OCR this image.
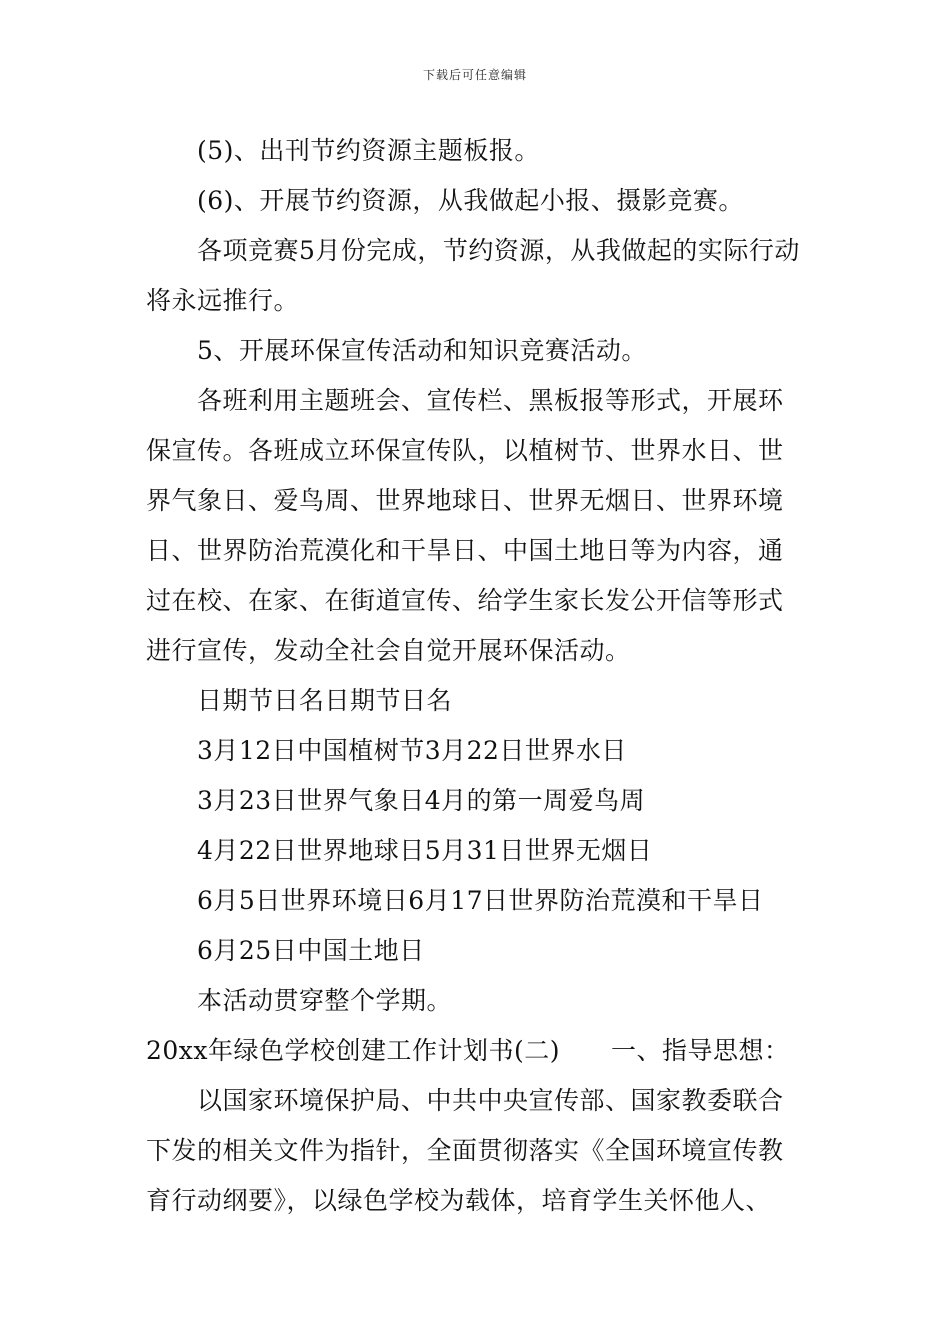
下载后可任意编辑
(5)、出刊节约资源主题板报。
(6)、开展节约资源，从我做起小报、摄影竞赛。
各项竞赛5月份完成，节约资源，从我做起的实际行动
将永远推行。
5、开展环保宣传活动和知识竞赛活动。
各班利用主题班会、宣传栏、黑板报等形式，开展环
保宣传。各班成立环保宣传队，以植树节、世界水日、世
界气象日、爱鸟周、世界地球日、世界无烟日、世界环境
日、世界防治荒漠化和干旱日、中国土地日等为内容，通
过在校、在家、在街道宣传、给学生家长发公开信等形式
进行宣传，发动全社会自觉开展环保活动。
日期节日名日期节日名
3月12日中国植树节3月22日世界水日
3月23日世界气象日4月的第一周爱鸟周
4月22日世界地球日5月31日世界无烟日
6月5日世界环境日6月17日世界防治荒漠和干旱日
6月25日中国土地日
本活动贯穿整个学期。
20xx年绿色学校创建工作计划书(二)　　一、指导思想：
以国家环境保护局、中共中央宣传部、国家教委联合
下发的相关文件为指针，全面贯彻落实《全国环境宣传教
育行动纲要》，以绿色学校为载体，培育学生关怀他人、
